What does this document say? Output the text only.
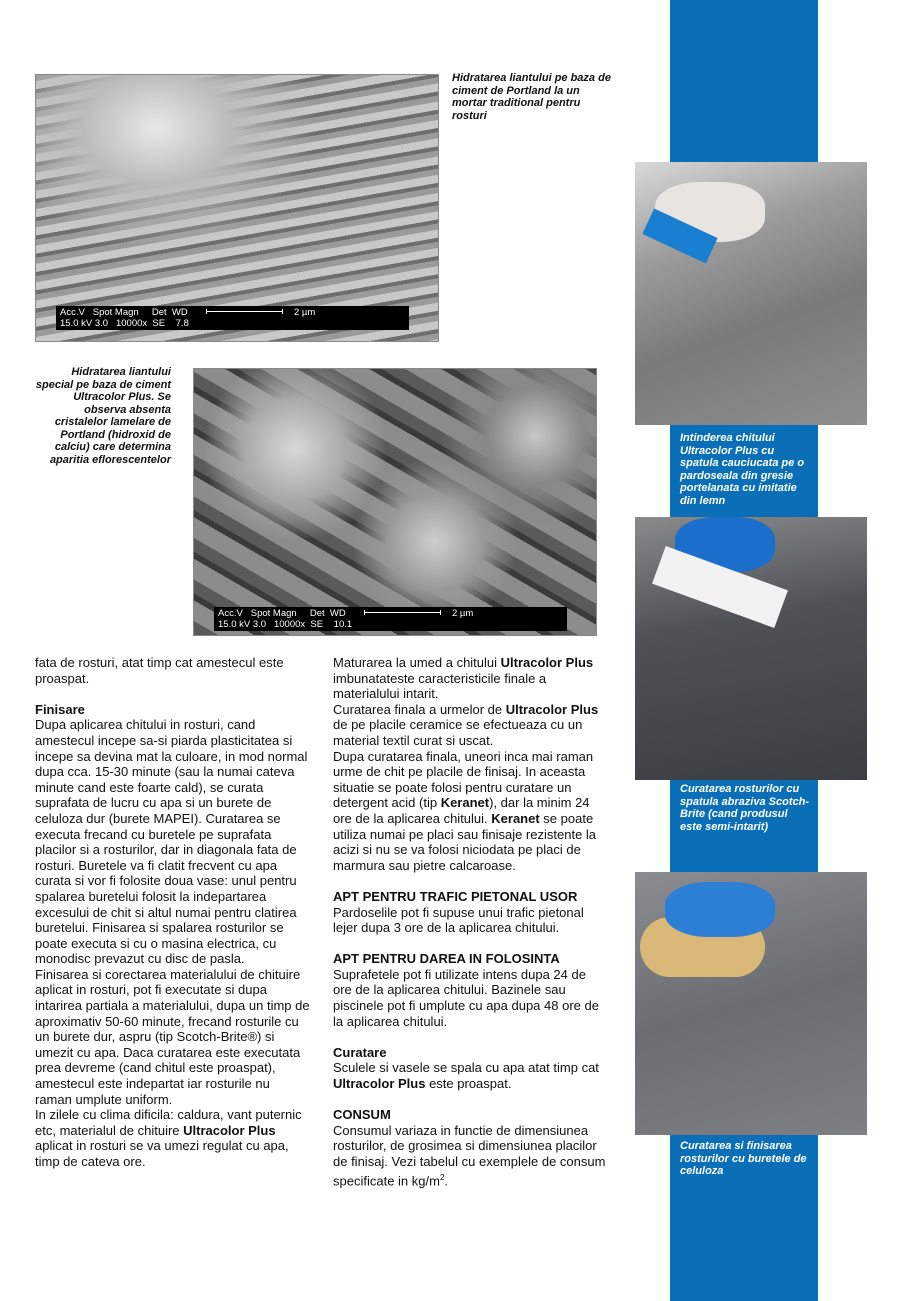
Acc.V   Spot Magn     Det  WD
15.0 kV 3.0   10000x  SE    7.8
2 µm
Hidratarea liantului pe baza de ciment de Portland la un mortar traditional pentru rosturi
Hidratarea liantului special pe baza de ciment Ultracolor Plus. Se observa absenta cristalelor lamelare de Portland (hidroxid de calciu) care determina aparitia eflorescentelor
Acc.V   Spot Magn     Det  WD
15.0 kV 3.0   10000x  SE    10.1
2 µm
Intinderea chitului Ultracolor Plus cu spatula cauciucata pe o pardoseala din gresie portelanata cu imitatie din lemn
Curatarea rosturilor cu spatula abraziva Scotch-Brite (cand produsul este semi-intarit)
Curatarea si finisarea rosturilor cu buretele de celuloza

fata de rosturi, atat timp cat amestecul este proaspat.

Finisare

Dupa aplicarea chitului in rosturi, cand amestecul incepe sa-si piarda plasticitatea si incepe sa devina mat la culoare, in mod normal dupa cca. 15-30 minute (sau la numai cateva minute cand este foarte cald), se curata suprafata de lucru cu apa si un burete de celuloza dur (burete MAPEI). Curatarea se executa frecand cu buretele pe suprafata placilor si a rosturilor, dar in diagonala fata de rosturi. Buretele va fi clatit frecvent cu apa curata si vor fi folosite doua vase: unul pentru spalarea buretelui folosit la indepartarea excesului de chit si altul numai pentru clatirea buretelui. Finisarea si spalarea rosturilor se poate executa si cu o masina electrica, cu monodisc prevazut cu disc de pasla.

Finisarea si corectarea materialului de chituire aplicat in rosturi, pot fi executate si dupa intarirea partiala a materialului, dupa un timp de aproximativ 50-60 minute, frecand rosturile cu un burete dur, aspru (tip Scotch-Brite®) si umezit cu apa. Daca curatarea este executata prea devreme (cand chitul este proaspat), amestecul este indepartat iar rosturile nu raman umplute uniform.

In zilele cu clima dificila: caldura, vant puternic etc, materialul de chituire Ultracolor Plus aplicat in rosturi se va umezi regulat cu apa, timp de cateva ore.

Maturarea la umed a chitului Ultracolor Plus imbunatateste caracteristicile finale a materialului intarit.

Curatarea finala a urmelor de Ultracolor Plus de pe placile ceramice se efectueaza cu un material textil curat si uscat.

Dupa curatarea finala, uneori inca mai raman urme de chit pe placile de finisaj. In aceasta situatie se poate folosi pentru curatare un detergent acid (tip Keranet), dar la minim 24 ore de la aplicarea chitului. Keranet se poate utiliza numai pe placi sau finisaje rezistente la acizi si nu se va folosi niciodata pe placi de marmura sau pietre calcaroase.

APT PENTRU TRAFIC PIETONAL USOR

Pardoselile pot fi supuse unui trafic pietonal lejer dupa 3 ore de la aplicarea chitului.

APT PENTRU DAREA IN FOLOSINTA

Suprafetele pot fi utilizate intens dupa 24 de ore de la aplicarea chitului. Bazinele sau piscinele pot fi umplute cu apa dupa 48 ore de la aplicarea chitului.

Curatare

Sculele si vasele se spala cu apa atat timp cat Ultracolor Plus este proaspat.

CONSUM

Consumul variaza in functie de dimensiunea rosturilor, de grosimea si dimensiunea placilor de finisaj. Vezi tabelul cu exemplele de consum specificate in $kg/m^2$.
